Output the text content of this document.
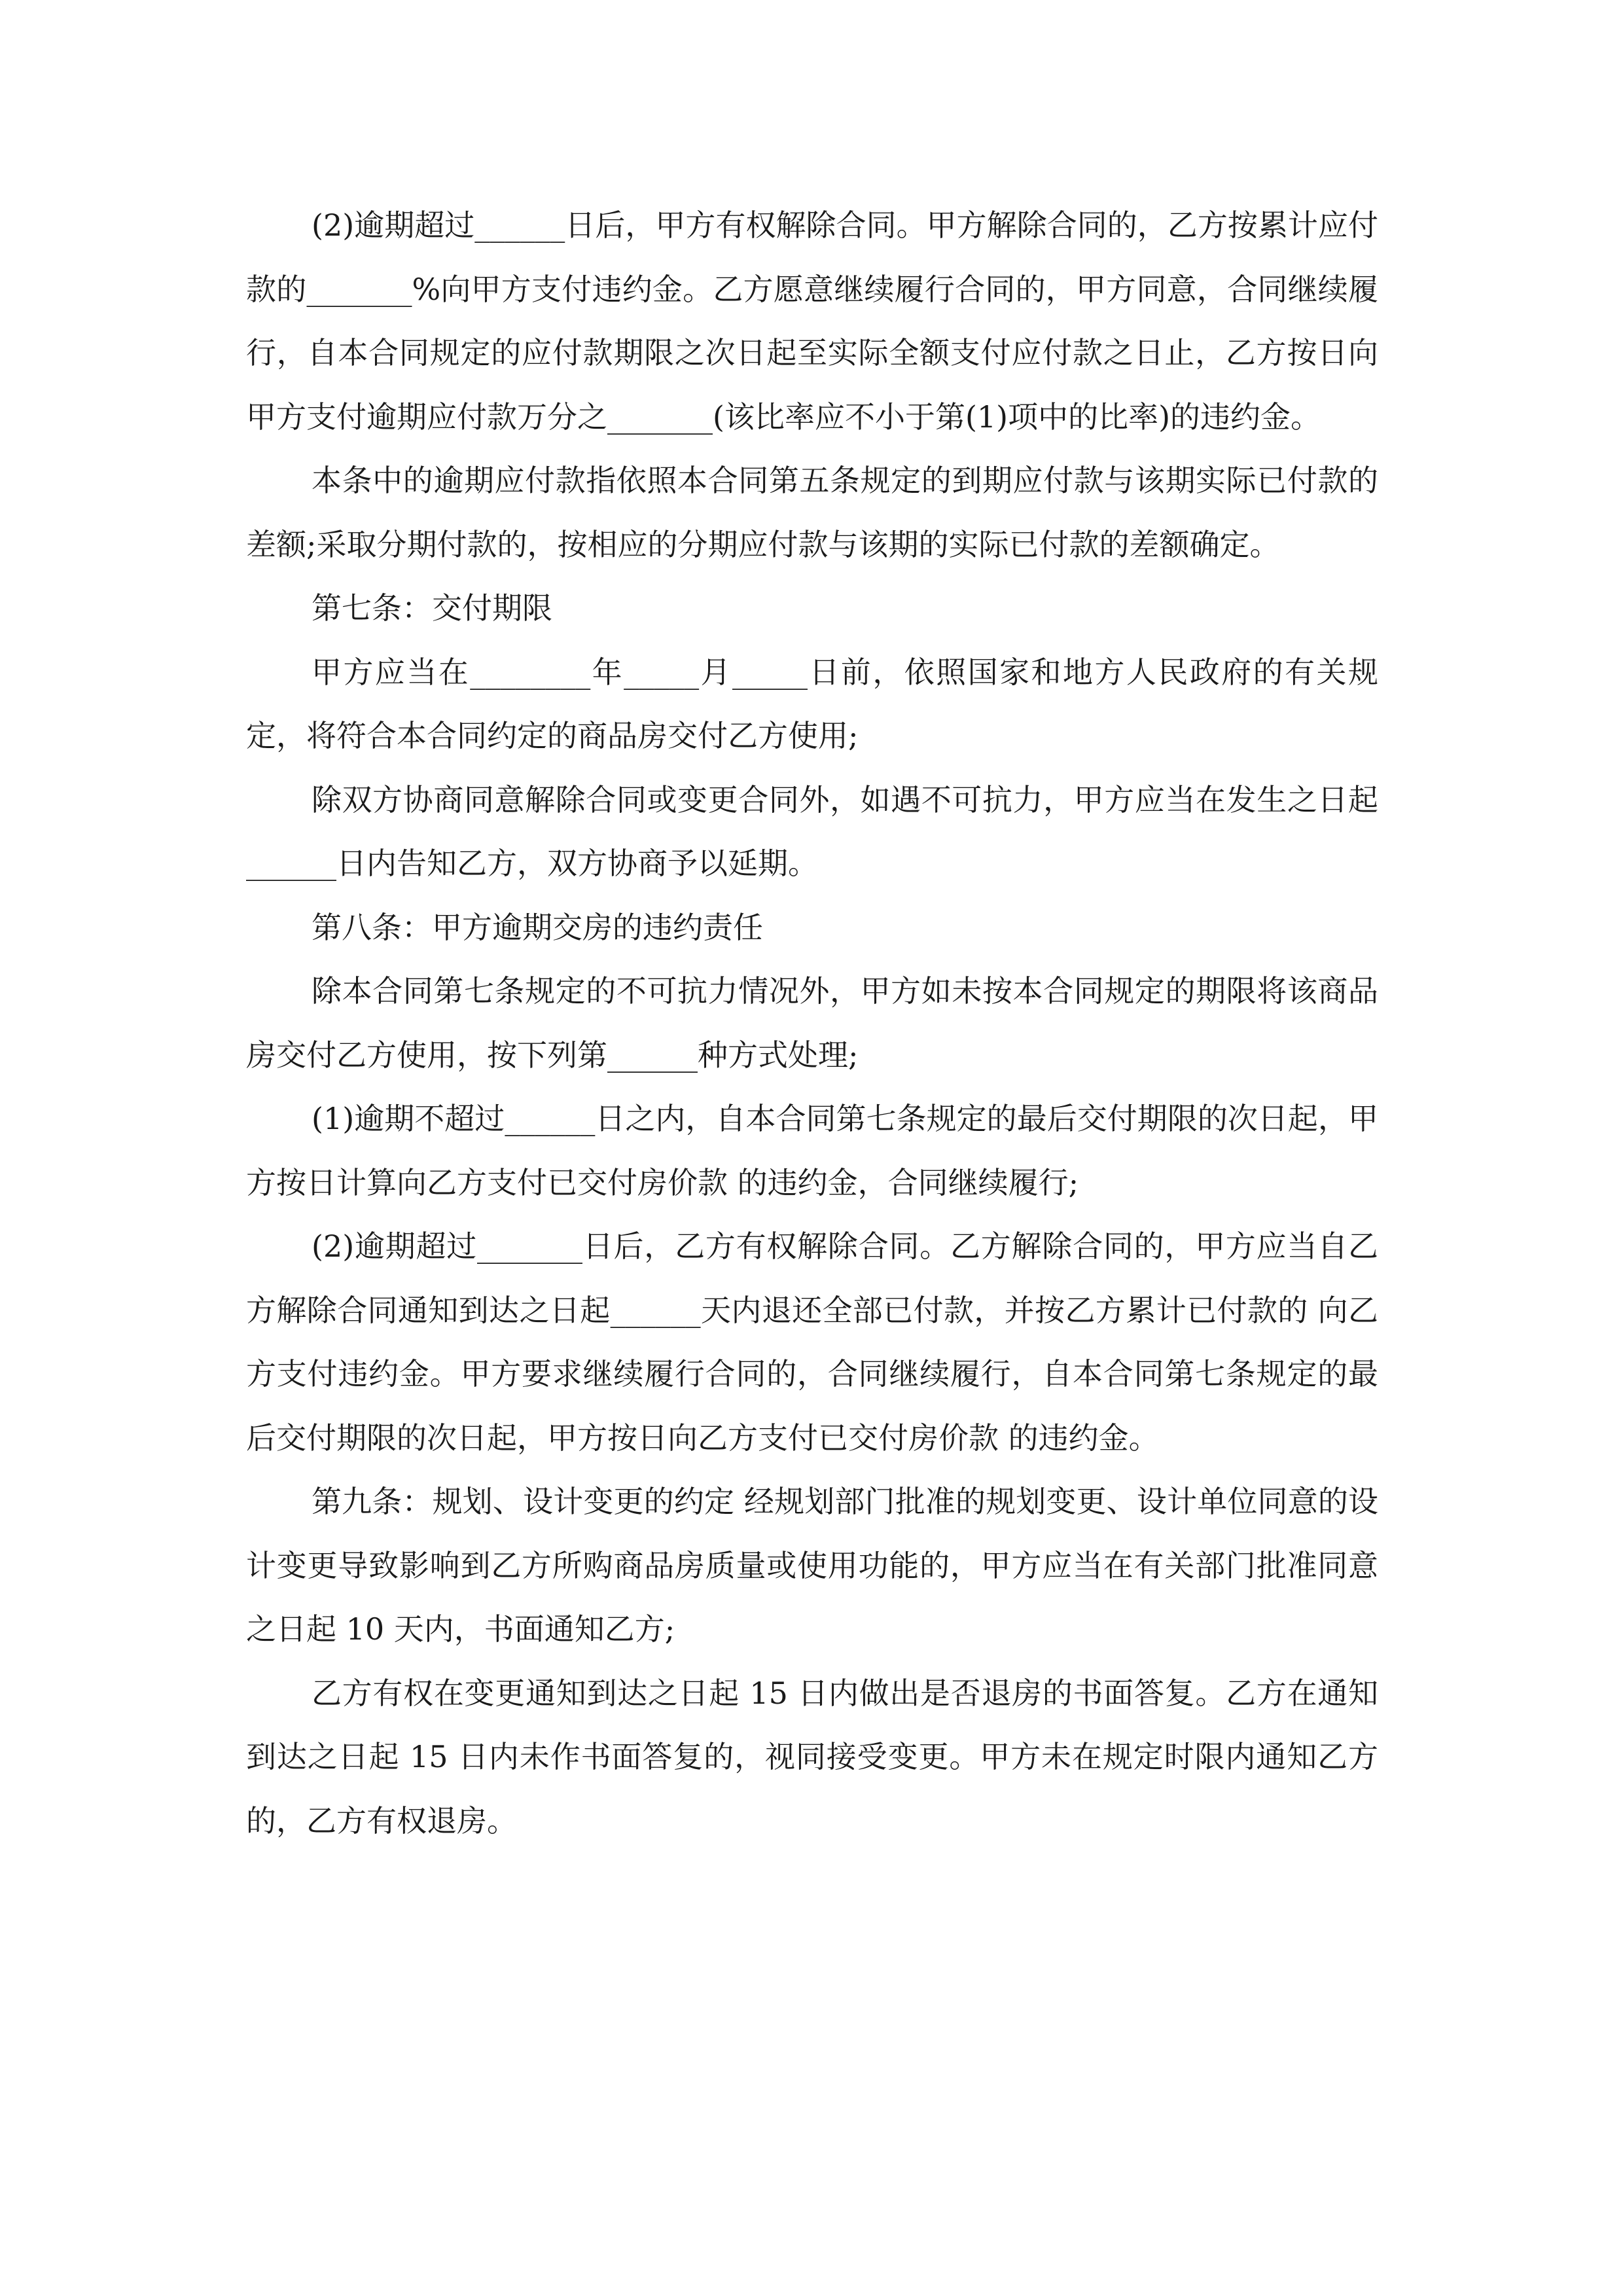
(2)逾期超过______日后，甲方有权解除合同。甲方解除合同的，乙方按累计应付款的_______%向甲方支付违约金。乙方愿意继续履行合同的，甲方同意，合同继续履行，自本合同规定的应付款期限之次日起至实际全额支付应付款之日止，乙方按日向甲方支付逾期应付款万分之_______(该比率应不小于第(1)项中的比率)的违约金。

本条中的逾期应付款指依照本合同第五条规定的到期应付款与该期实际已付款的差额;采取分期付款的，按相应的分期应付款与该期的实际已付款的差额确定。

第七条：交付期限

甲方应当在________年_____月_____日前，依照国家和地方人民政府的有关规定，将符合本合同约定的商品房交付乙方使用;

除双方协商同意解除合同或变更合同外，如遇不可抗力，甲方应当在发生之日起______日内告知乙方，双方协商予以延期。

第八条：甲方逾期交房的违约责任

除本合同第七条规定的不可抗力情况外，甲方如未按本合同规定的期限将该商品房交付乙方使用，按下列第______种方式处理;

(1)逾期不超过______日之内，自本合同第七条规定的最后交付期限的次日起，甲方按日计算向乙方支付已交付房价款 的违约金，合同继续履行;

(2)逾期超过_______日后，乙方有权解除合同。乙方解除合同的，甲方应当自乙方解除合同通知到达之日起______天内退还全部已付款，并按乙方累计已付款的 向乙方支付违约金。甲方要求继续履行合同的，合同继续履行，自本合同第七条规定的最后交付期限的次日起，甲方按日向乙方支付已交付房价款 的违约金。

第九条：规划、设计变更的约定 经规划部门批准的规划变更、设计单位同意的设计变更导致影响到乙方所购商品房质量或使用功能的，甲方应当在有关部门批准同意之日起 10 天内，书面通知乙方;

乙方有权在变更通知到达之日起 15 日内做出是否退房的书面答复。乙方在通知到达之日起 15 日内未作书面答复的，视同接受变更。甲方未在规定时限内通知乙方的，乙方有权退房。
